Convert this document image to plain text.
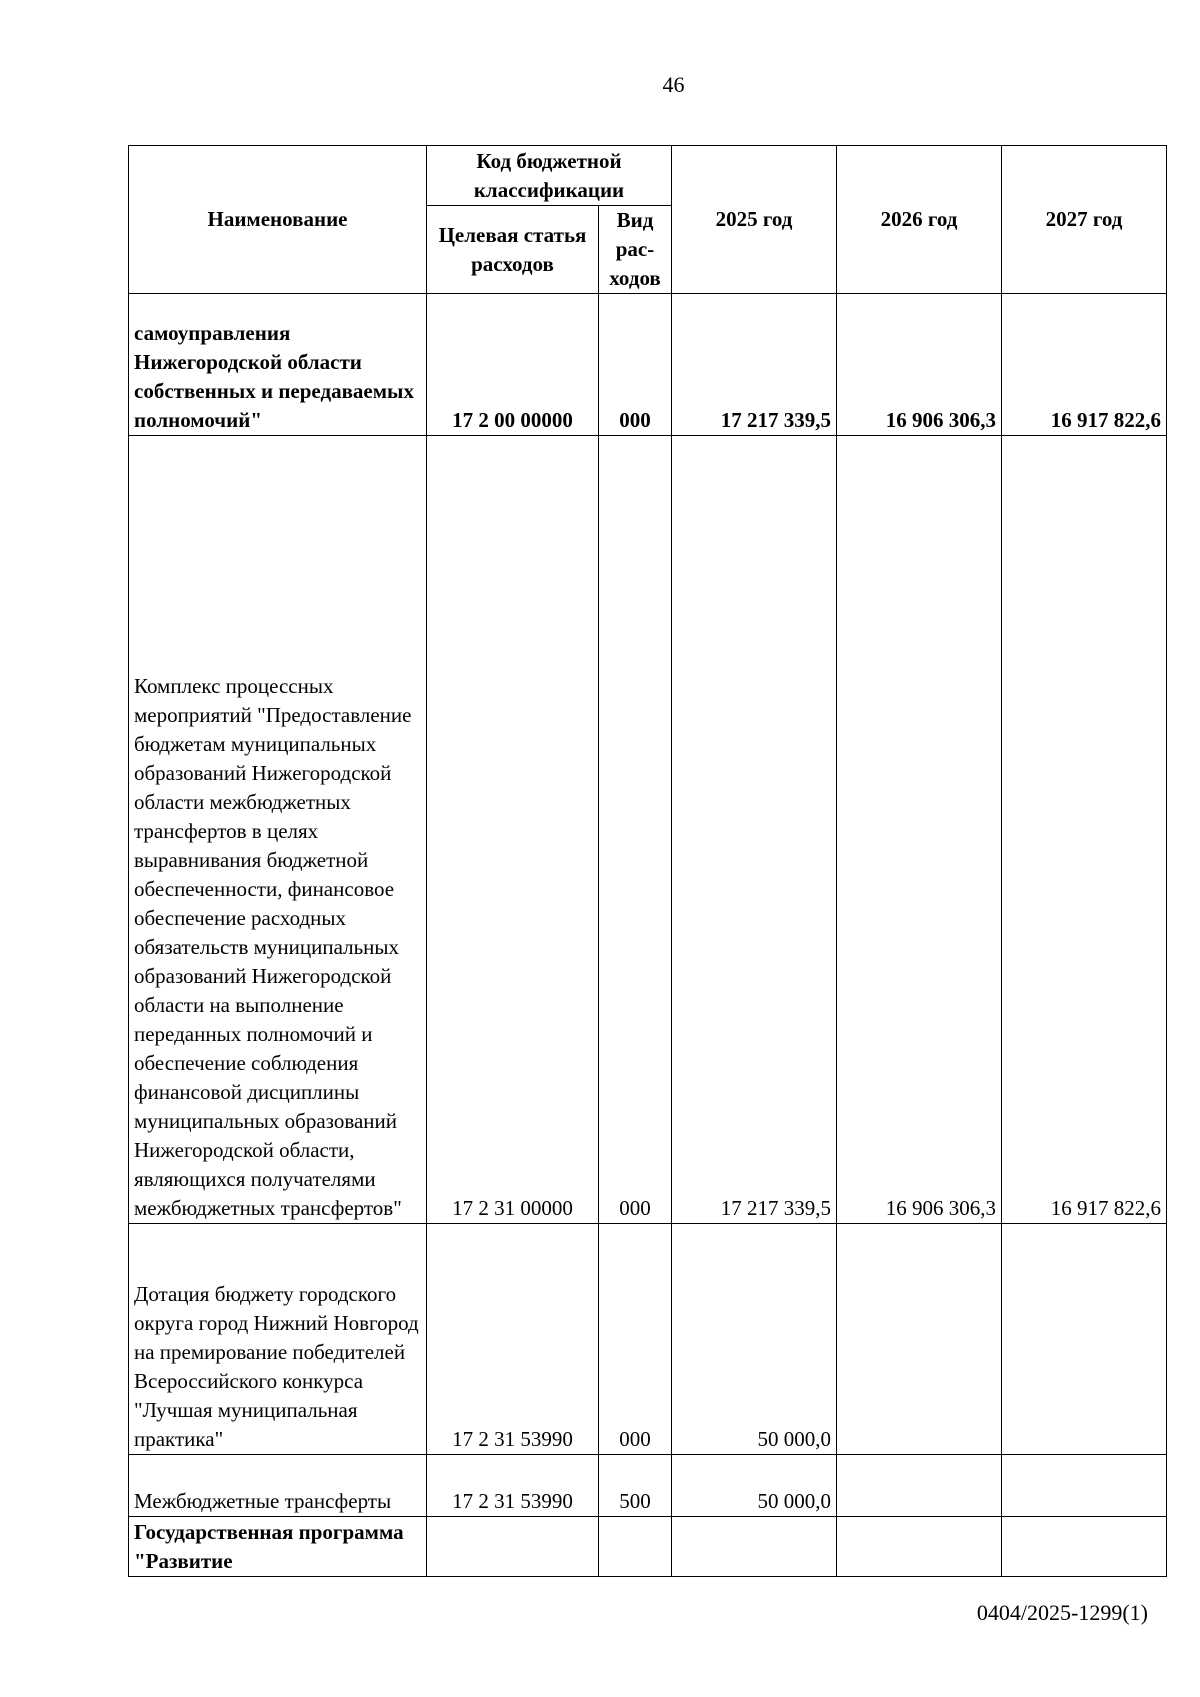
46
Наименование	Код бюджетной классификации		2025 год	2026 год	2027 год
	Целевая статья расходов	Вид рас-ходов			
самоуправления Нижегородской области собственных и передаваемых полномочий"	17 2 00 00000	000	17 217 339,5	16 906 306,3	16 917 822,6
Комплекс процессных мероприятий "Предоставление бюджетам муниципальных образований Нижегородской области межбюджетных трансфертов в целях выравнивания бюджетной обеспеченности, финансовое обеспечение расходных обязательств муниципальных образований Нижегородской области на выполнение переданных полномочий и обеспечение соблюдения финансовой дисциплины муниципальных образований Нижегородской области, являющихся получателями межбюджетных трансфертов"	17 2 31 00000	000	17 217 339,5	16 906 306,3	16 917 822,6
Дотация бюджету городского округа город Нижний Новгород на премирование победителей Всероссийского конкурса "Лучшая муниципальная практика"	17 2 31 53990	000	50 000,0		
Межбюджетные трансферты	17 2 31 53990	500	50 000,0		
Государственная программа "Развитие					
0404/2025-1299(1)
